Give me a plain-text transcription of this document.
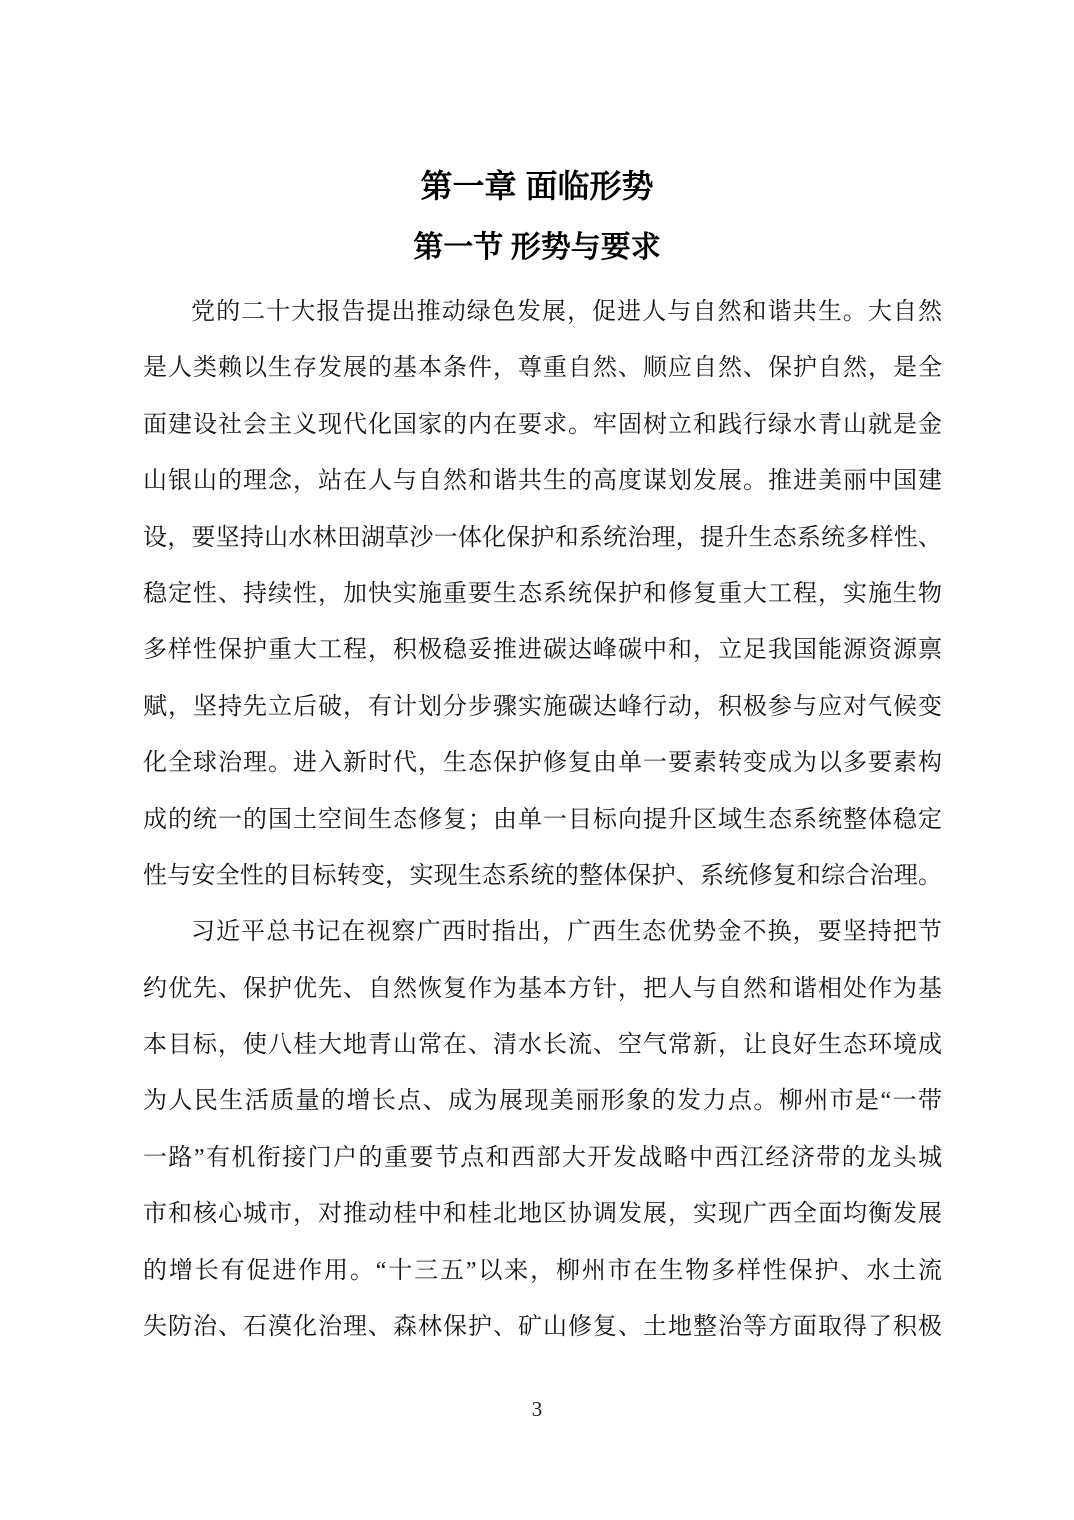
第一章 面临形势
第一节 形势与要求
党的二十大报告提出推动绿色发展，促进人与自然和谐共生。大自然
是人类赖以生存发展的基本条件，尊重自然、顺应自然、保护自然，是全
面建设社会主义现代化国家的内在要求。牢固树立和践行绿水青山就是金
山银山的理念，站在人与自然和谐共生的高度谋划发展。推进美丽中国建
设，要坚持山水林田湖草沙一体化保护和系统治理，提升生态系统多样性、
稳定性、持续性，加快实施重要生态系统保护和修复重大工程，实施生物
多样性保护重大工程，积极稳妥推进碳达峰碳中和，立足我国能源资源禀
赋，坚持先立后破，有计划分步骤实施碳达峰行动，积极参与应对气候变
化全球治理。进入新时代，生态保护修复由单一要素转变成为以多要素构
成的统一的国土空间生态修复；由单一目标向提升区域生态系统整体稳定
性与安全性的目标转变，实现生态系统的整体保护、系统修复和综合治理。
习近平总书记在视察广西时指出，广西生态优势金不换，要坚持把节
约优先、保护优先、自然恢复作为基本方针，把人与自然和谐相处作为基
本目标，使八桂大地青山常在、清水长流、空气常新，让良好生态环境成
为人民生活质量的增长点、成为展现美丽形象的发力点。柳州市是“一带
一路”有机衔接门户的重要节点和西部大开发战略中西江经济带的龙头城
市和核心城市，对推动桂中和桂北地区协调发展，实现广西全面均衡发展
的增长有促进作用。“十三五”以来，柳州市在生物多样性保护、水土流
失防治、石漠化治理、森林保护、矿山修复、土地整治等方面取得了积极
3
